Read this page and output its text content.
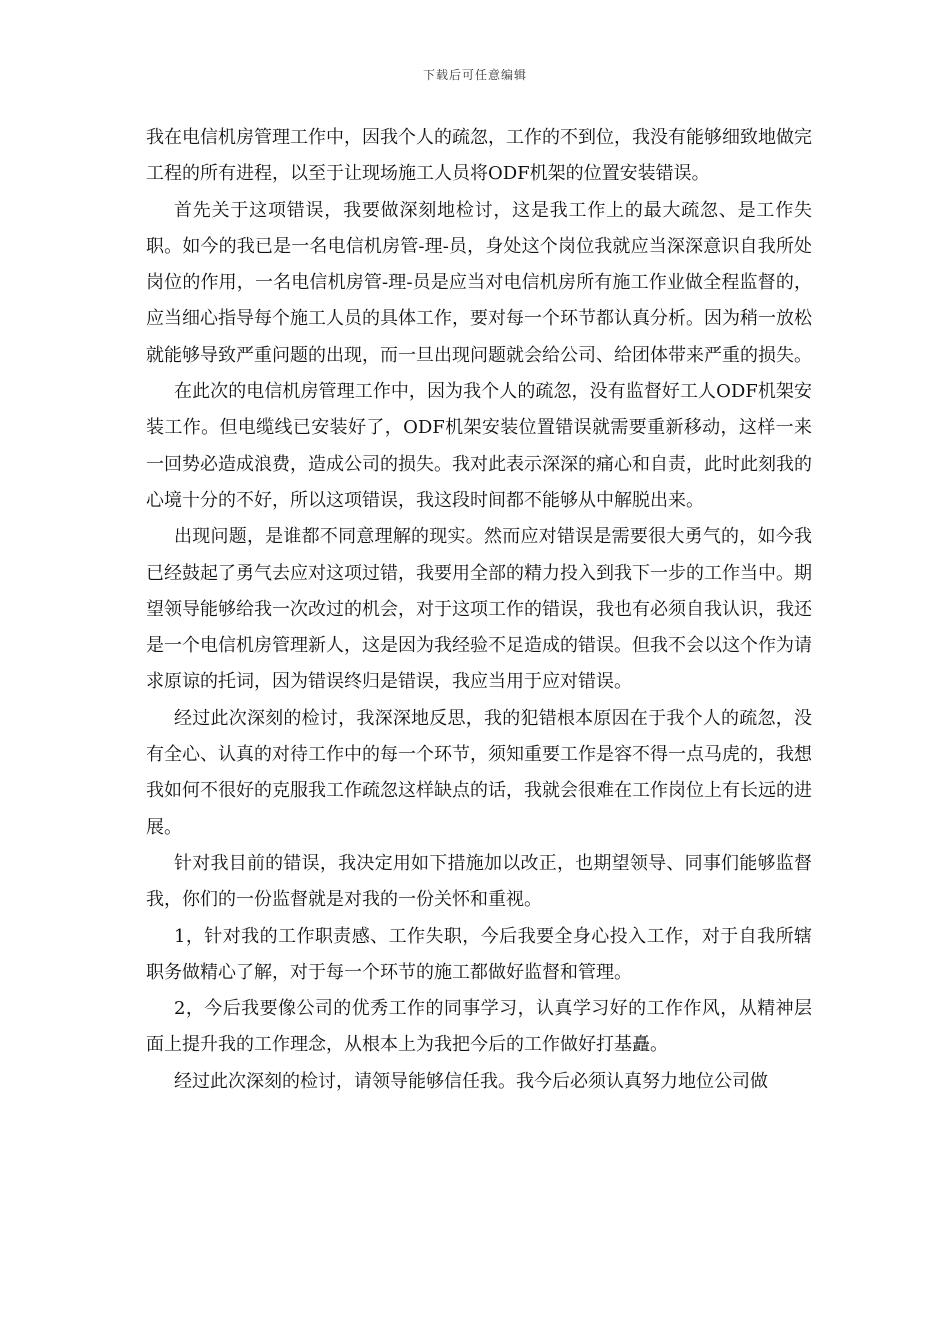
下载后可任意编辑

我在电信机房管理工作中，因我个人的疏忽，工作的不到位，我没有能够细致地做完工程的所有进程，以至于让现场施工人员将ODF机架的位置安装错误。

首先关于这项错误，我要做深刻地检讨，这是我工作上的最大疏忽、是工作失职。如今的我已是一名电信机房管-理-员，身处这个岗位我就应当深深意识自我所处岗位的作用，一名电信机房管-理-员是应当对电信机房所有施工作业做全程监督的，应当细心指导每个施工人员的具体工作，要对每一个环节都认真分析。因为稍一放松就能够导致严重问题的出现，而一旦出现问题就会给公司、给团体带来严重的损失。

在此次的电信机房管理工作中，因为我个人的疏忽，没有监督好工人ODF机架安装工作。但电缆线已安装好了，ODF机架安装位置错误就需要重新移动，这样一来一回势必造成浪费，造成公司的损失。我对此表示深深的痛心和自责，此时此刻我的心境十分的不好，所以这项错误，我这段时间都不能够从中解脱出来。

出现问题，是谁都不同意理解的现实。然而应对错误是需要很大勇气的，如今我已经鼓起了勇气去应对这项过错，我要用全部的精力投入到我下一步的工作当中。期望领导能够给我一次改过的机会，对于这项工作的错误，我也有必须自我认识，我还是一个电信机房管理新人，这是因为我经验不足造成的错误。但我不会以这个作为请求原谅的托词，因为错误终归是错误，我应当用于应对错误。

经过此次深刻的检讨，我深深地反思，我的犯错根本原因在于我个人的疏忽，没有全心、认真的对待工作中的每一个环节，须知重要工作是容不得一点马虎的，我想我如何不很好的克服我工作疏忽这样缺点的话，我就会很难在工作岗位上有长远的进展。

针对我目前的错误，我决定用如下措施加以改正，也期望领导、同事们能够监督我，你们的一份监督就是对我的一份关怀和重视。

1，针对我的工作职责感、工作失职，今后我要全身心投入工作，对于自我所辖职务做精心了解，对于每一个环节的施工都做好监督和管理。

2，今后我要像公司的优秀工作的同事学习，认真学习好的工作作风，从精神层面上提升我的工作理念，从根本上为我把今后的工作做好打基矗。

经过此次深刻的检讨，请领导能够信任我。我今后必须认真努力地位公司做
